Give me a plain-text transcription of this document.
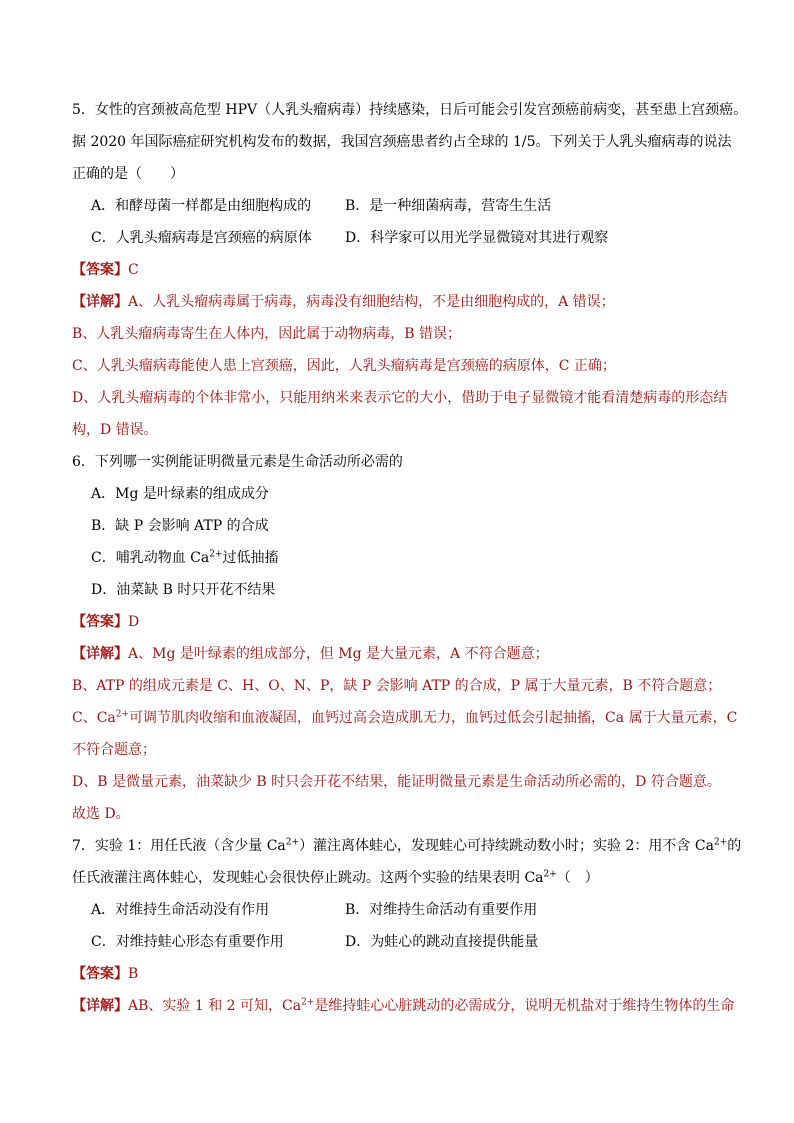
5．女性的宫颈被高危型 HPV（人乳头瘤病毒）持续感染，日后可能会引发宫颈癌前病变，甚至患上宫颈癌。
据 2020 年国际癌症研究机构发布的数据，我国宫颈癌患者约占全球的 1/5。下列关于人乳头瘤病毒的说法
正确的是（　　）
A．和酵母菌一样都是由细胞构成的 B．是一种细菌病毒，营寄生生活
C．人乳头瘤病毒是宫颈癌的病原体 D．科学家可以用光学显微镜对其进行观察
【答案】C
【详解】A、人乳头瘤病毒属于病毒，病毒没有细胞结构，不是由细胞构成的，A 错误；
B、人乳头瘤病毒寄生在人体内，因此属于动物病毒，B 错误；
C、人乳头瘤病毒能使人患上宫颈癌，因此，人乳头瘤病毒是宫颈癌的病原体，C 正确；
D、人乳头瘤病毒的个体非常小，只能用纳米来表示它的大小，借助于电子显微镜才能看清楚病毒的形态结
构，D 错误。
6．下列哪一实例能证明微量元素是生命活动所必需的
A．Mg 是叶绿素的组成成分
B．缺 P 会影响 ATP 的合成
C．哺乳动物血 $Ca^{2+}$过低抽搐
D．油菜缺 B 时只开花不结果
【答案】D
【详解】A、Mg 是叶绿素的组成部分，但 Mg 是大量元素，A 不符合题意；
B、ATP 的组成元素是 C、H、O、N、P，缺 P 会影响 ATP 的合成，P 属于大量元素，B 不符合题意；
C、$Ca^{2+}$可调节肌肉收缩和血液凝固，血钙过高会造成肌无力，血钙过低会引起抽搐，Ca 属于大量元素，C
不符合题意；
D、B 是微量元素，油菜缺少 B 时只会开花不结果，能证明微量元素是生命活动所必需的，D 符合题意。
故选 D。
7．实验 1：用任氏液（含少量 $Ca^{2+}$）灌注离体蛙心，发现蛙心可持续跳动数小时；实验 2：用不含 $Ca^{2+}$的
任氏液灌注离体蛙心，发现蛙心会很快停止跳动。这两个实验的结果表明 $Ca^{2+}$（　）
A．对维持生命活动没有作用	B．对维持生命活动有重要作用
C．对维持蛙心形态有重要作用	D．为蛙心的跳动直接提供能量
【答案】B
【详解】AB、实验 1 和 2 可知，$Ca^{2+}$是维持蛙心心脏跳动的必需成分，说明无机盐对于维持生物体的生命
